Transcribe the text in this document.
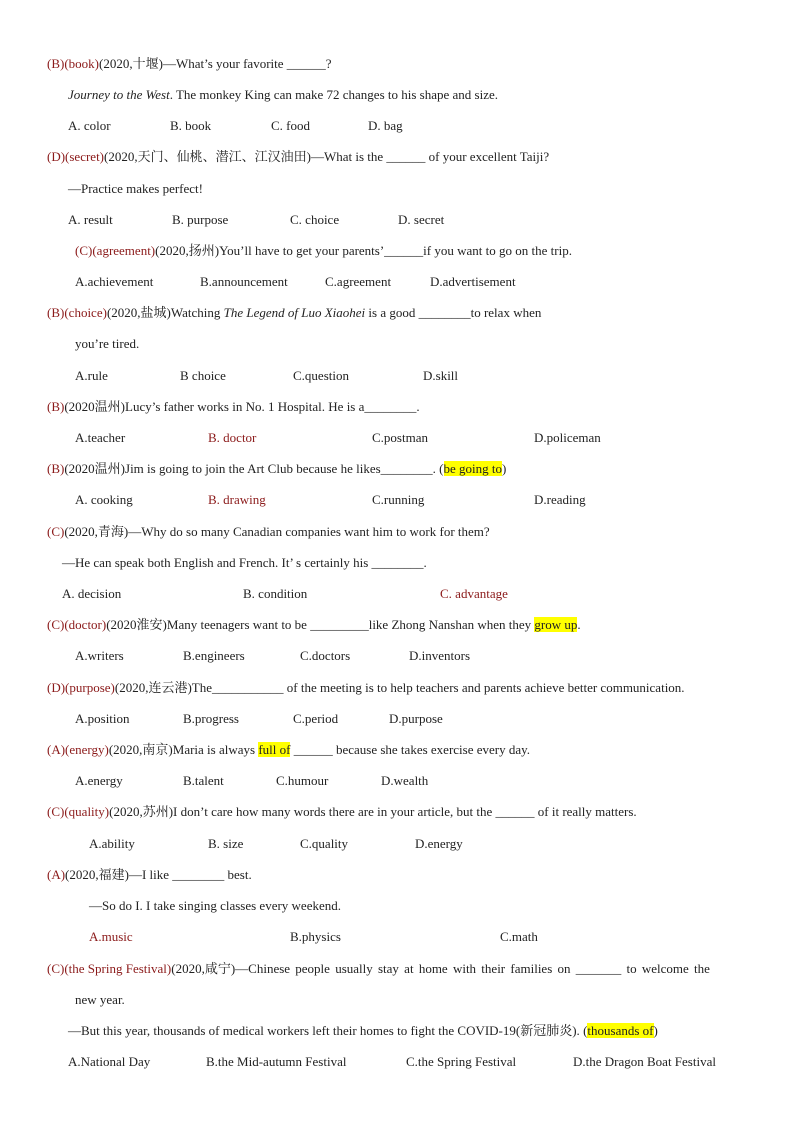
(B)(book)(2020,十堰)—What’s your favorite ______?
Journey to the West. The monkey King can make 72 changes to his shape and size.
A. color	B. book	C. food	D. bag
(D)(secret)(2020,天门、仙桃、潜江、江汉油田)—What is the ______ of your excellent Taiji?
—Practice makes perfect!
A. result	B. purpose	C. choice	D. secret
(C)(agreement)(2020,扬州)You’ll have to get your parents’______if you want to go on the trip.
A.achievement	B.announcement	C.agreement	D.advertisement
(B)(choice)(2020,盐城)Watching The Legend of Luo Xiaohei is a good ________to relax when
you’re tired.
A.rule	B choice	C.question	D.skill
(B)(2020温州)Lucy’s father works in No. 1 Hospital. He is a________.
A.teacher	B. doctor	C.postman	D.policeman
(B)(2020温州)Jim is going to join the Art Club because he likes________. (be going to)
A. cooking	B. drawing	C.running	D.reading
(C)(2020,青海)—Why do so many Canadian companies want him to work for them?
—He can speak both English and French. It’ s certainly his ________.
A. decision	B. condition	C. advantage
(C)(doctor)(2020淮安)Many teenagers want to be _________like Zhong Nanshan when they grow up.
A.writers	B.engineers	C.doctors	D.inventors
(D)(purpose)(2020,连云港)The___________ of the meeting is to help teachers and parents achieve better communication.
A.position	B.progress	C.period	D.purpose
(A)(energy)(2020,南京)Maria is always full of ______ because she takes exercise every day.
A.energy	B.talent	C.humour	D.wealth
(C)(quality)(2020,苏州)I don’t care how many words there are in your article, but the ______ of it really matters.
A.ability	B. size	C.quality	D.energy
(A)(2020,福建)—I like ________ best.
—So do I. I take singing classes every weekend.
A.music	B.physics	C.math
(C)(the Spring Festival)(2020,咸宁)—Chinese people usually stay at home with their families on _______ to welcome the
new year.
—But this year, thousands of medical workers left their homes to fight the COVID-19(新冠肺炎). (thousands of)
A.National Day	B.the Mid-autumn Festival	C.the Spring Festival	D.the Dragon Boat Festival
